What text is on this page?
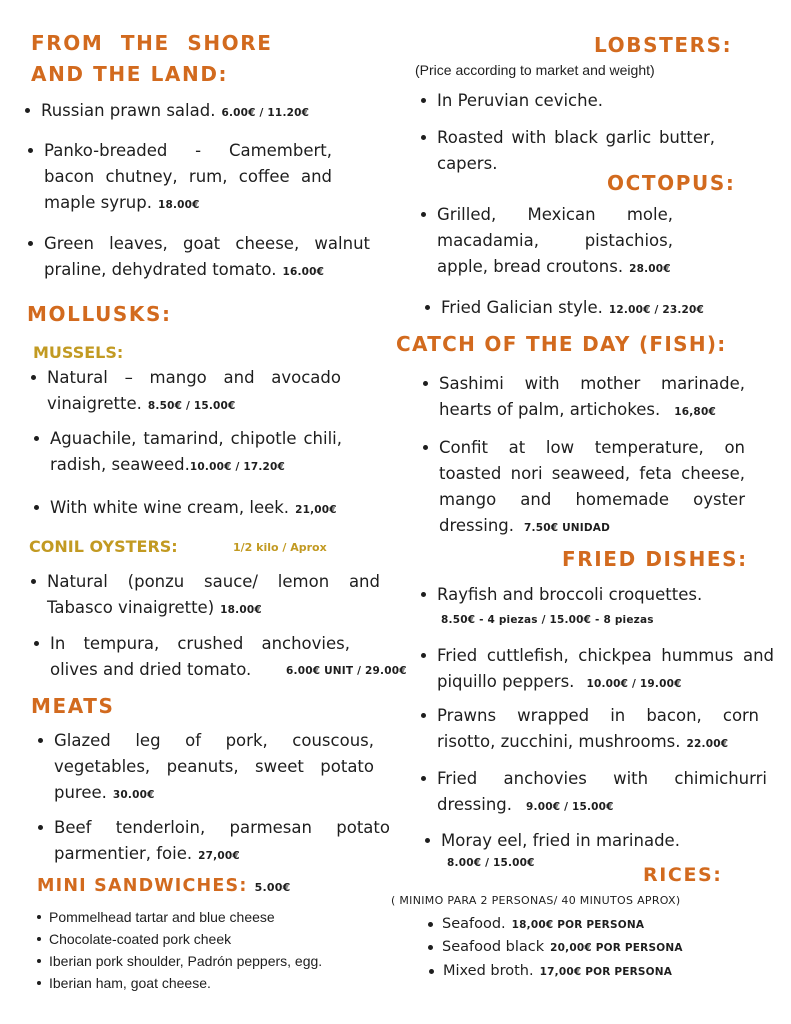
FROM THE SHORE
AND THE LAND:
Russian prawn salad. 6.00€ / 11.20€
Panko-breaded - Camembert, bacon chutney, rum, coffee and maple syrup. 18.00€
Green leaves, goat cheese, walnut praline, dehydrated tomato. 16.00€
MOLLUSKS:
MUSSELS:
Natural – mango and avocado vinaigrette. 8.50€ / 15.00€
Aguachile, tamarind, chipotle chili, radish, seaweed.10.00€ / 17.20€
With white wine cream, leek. 21,00€
CONIL OYSTERS:	1/2 kilo / Aprox
Natural (ponzu sauce/ lemon and Tabasco vinaigrette) 18.00€
In tempura, crushed anchovies, olives and dried tomato.	6.00€ UNIT / 29.00€
MEATS
Glazed leg of pork, couscous, vegetables, peanuts, sweet potato puree. 30.00€
Beef tenderloin, parmesan potato parmentier, foie. 27,00€
MINI SANDWICHES: 5.00€
Pommelhead tartar and blue cheese
Chocolate-coated pork cheek
Iberian pork shoulder, Padrón peppers, egg.
Iberian ham, goat cheese.
LOBSTERS:
(Price according to market and weight)
In Peruvian ceviche.
Roasted with black garlic butter, capers.
OCTOPUS:
Grilled, Mexican mole, macadamia, pistachios, apple, bread croutons. 28.00€
Fried Galician style. 12.00€ / 23.20€
CATCH OF THE DAY (FISH):
Sashimi with mother marinade, hearts of palm, artichokes. 16,80€
Confit at low temperature, on toasted nori seaweed, feta cheese, mango and homemade oyster dressing. 7.50€ UNIDAD
FRIED DISHES:
Rayfish and broccoli croquettes.
8.50€ - 4 piezas / 15.00€ - 8 piezas
Fried cuttlefish, chickpea hummus and piquillo peppers. 10.00€ / 19.00€
Prawns wrapped in bacon, corn risotto, zucchini, mushrooms. 22.00€
Fried anchovies with chimichurri dressing. 9.00€ / 15.00€
Moray eel, fried in marinade.
8.00€ / 15.00€
RICES:
( MINIMO PARA 2 PERSONAS/ 40 MINUTOS APROX)
Seafood. 18,00€ POR PERSONA
Seafood black 20,00€ POR PERSONA
Mixed broth. 17,00€ POR PERSONA
